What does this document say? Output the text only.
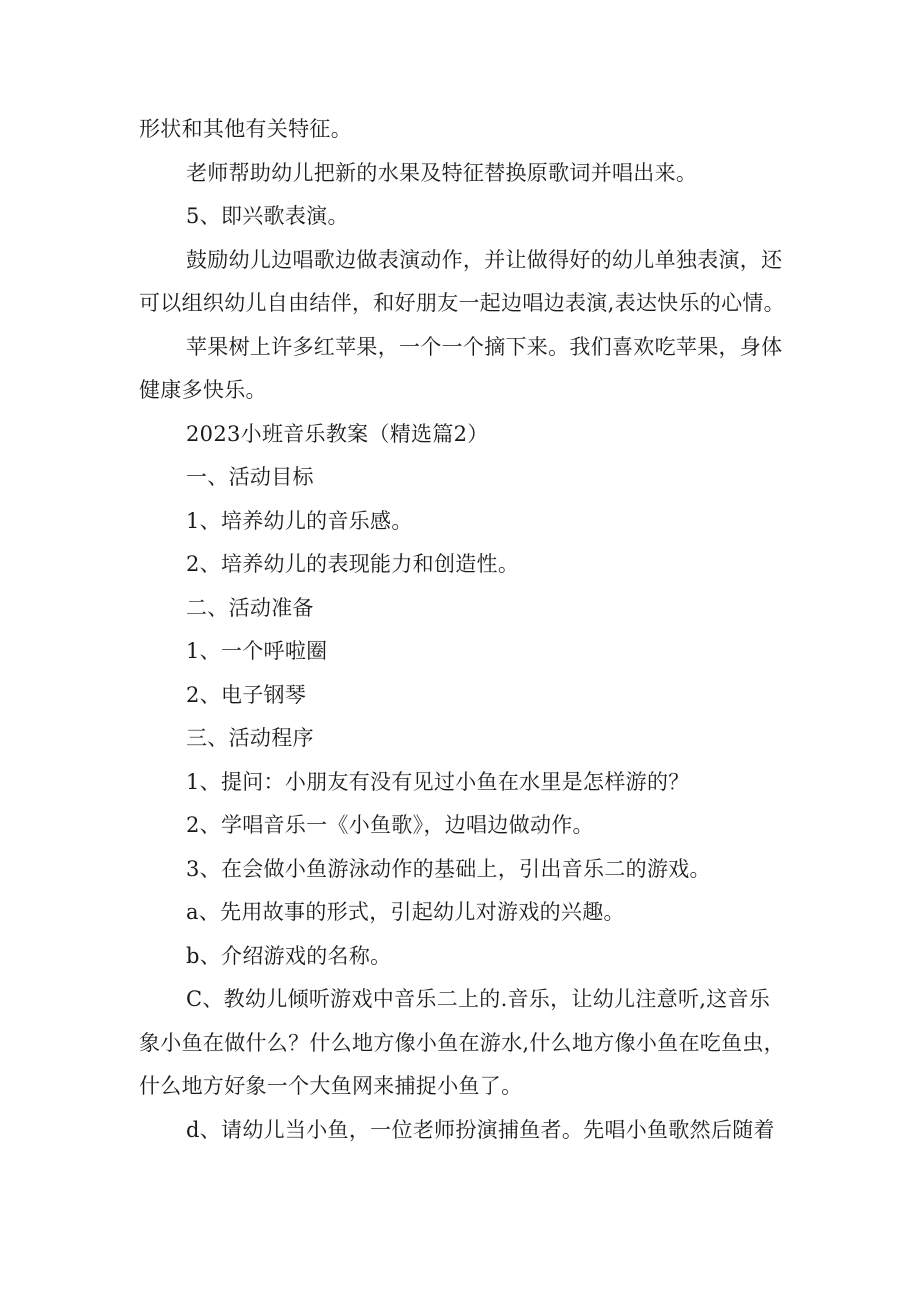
形状和其他有关特征。
老师帮助幼儿把新的水果及特征替换原歌词并唱出来。
5、即兴歌表演。
鼓励幼儿边唱歌边做表演动作，并让做得好的幼儿单独表演，还
可以组织幼儿自由结伴，和好朋友一起边唱边表演,表达快乐的心情。
苹果树上许多红苹果，一个一个摘下来。我们喜欢吃苹果，身体
健康多快乐。
2023小班音乐教案（精选篇2）
一、活动目标
1、培养幼儿的音乐感。
2、培养幼儿的表现能力和创造性。
二、活动准备
1、一个呼啦圈
2、电子钢琴
三、活动程序
1、提问：小朋友有没有见过小鱼在水里是怎样游的？
2、学唱音乐一《小鱼歌》，边唱边做动作。
3、在会做小鱼游泳动作的基础上，引出音乐二的游戏。
a、先用故事的形式，引起幼儿对游戏的兴趣。
b、介绍游戏的名称。
C、教幼儿倾听游戏中音乐二上的.音乐，让幼儿注意听,这音乐
象小鱼在做什么？什么地方像小鱼在游水,什么地方像小鱼在吃鱼虫，
什么地方好象一个大鱼网来捕捉小鱼了。
d、请幼儿当小鱼，一位老师扮演捕鱼者。先唱小鱼歌然后随着
